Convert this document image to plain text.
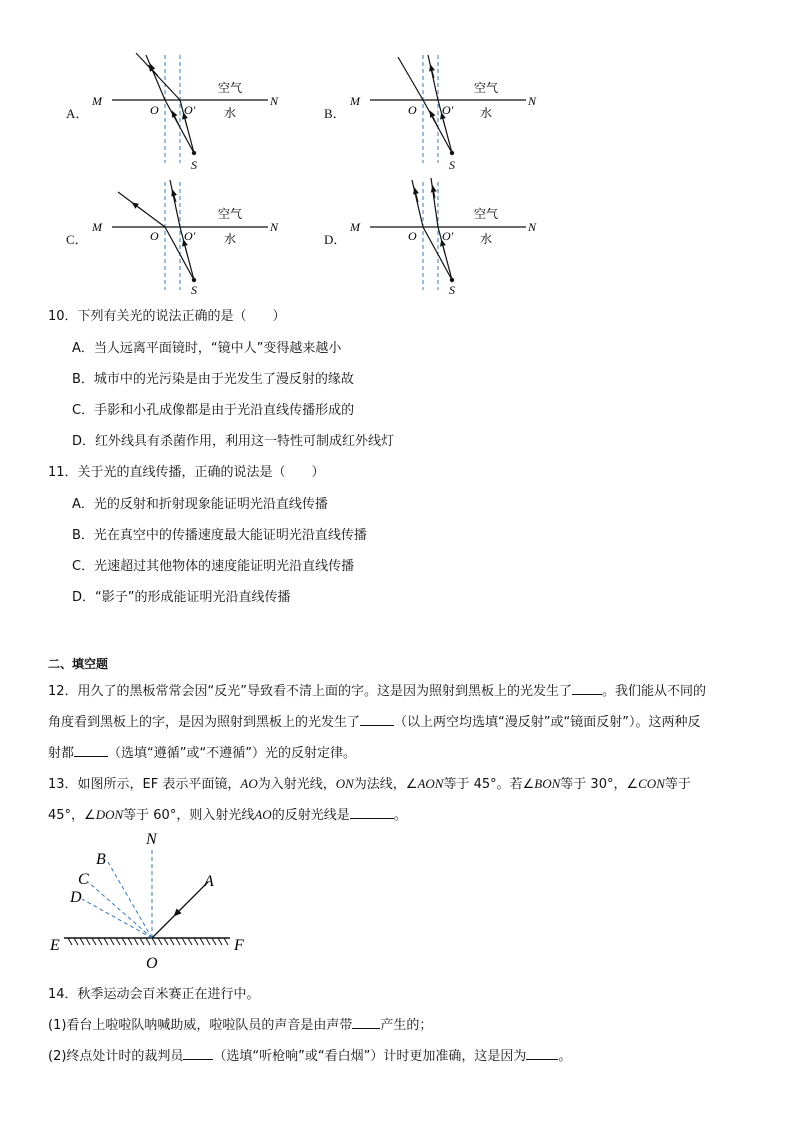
A．
M	N
O O′
S
空气
水	B．
M	N
O O′
S
空气
水
C．
M	N
O O′
S
空气
水	D．
M	N
O O′
S
空气
水
10．下列有关光的说法正确的是（　　）
A．当人远离平面镜时，“镜中人”变得越来越小
B．城市中的光污染是由于光发生了漫反射的缘故
C．手影和小孔成像都是由于光沿直线传播形成的
D．红外线具有杀菌作用，利用这一特性可制成红外线灯
11．关于光的直线传播，正确的说法是（　　）
A．光的反射和折射现象能证明光沿直线传播
B．光在真空中的传播速度最大能证明光沿直线传播
C．光速超过其他物体的速度能证明光沿直线传播
D．“影子”的形成能证明光沿直线传播
二、填空题
12．用久了的黑板常常会因“反光”导致看不清上面的字。这是因为照射到黑板上的光发生了 。我们能从不同的
角度看到黑板上的字，是因为照射到黑板上的光发生了	（以上两空均选填“漫反射”或“镜面反射”）。这两种反
射都	（选填“遵循”或“不遵循”）光的反射定律。
13．如图所示，EF 表示平面镜，AO为入射光线，ON为法线，∠AON等于 45°。若∠BON等于 30°，∠CON等于
45°，∠DON等于 60°，则入射光线AO的反射光线是	。
N
A
B
C
D
E	F
O
14．秋季运动会百米赛正在进行中。
(1)看台上啦啦队呐喊助威，啦啦队员的声音是由声带 产生的；
(2)终点处计时的裁判员 （选填“听枪响”或“看白烟”）计时更加准确，这是因为 。
